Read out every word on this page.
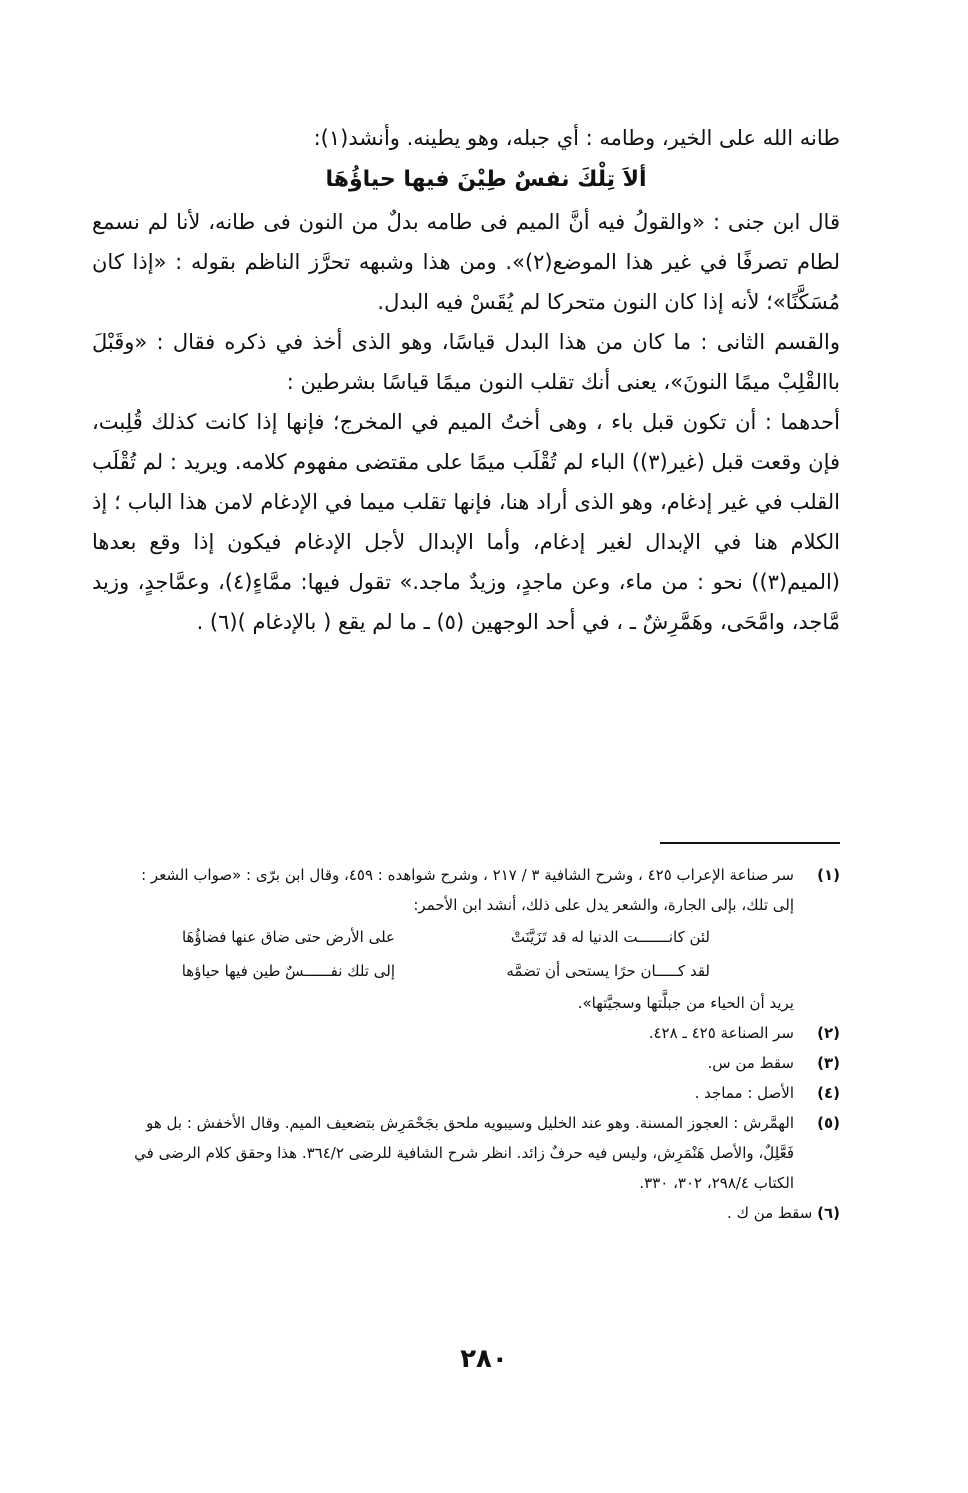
طانه الله على الخير، وطامه : أي جبله، وهو يطينه. وأنشد(١):

ألاَ تِلْكَ نفسٌ طِيْنَ فيها حياؤُهَا

قال ابن جنى : «والقولُ فيه أنَّ الميم فى طامه بدلٌ من النون فى طانه، لأنا لم نسمع لطام تصرفًا في غير هذا الموضع(٢)». ومن هذا وشبهه تحرَّز الناظم بقوله : «إذا كان مُسَكَّنًا»؛ لأنه إذا كان النون متحركا لم يُقَسْ فيه البدل.

والقسم الثانى : ما كان من هذا البدل قياسًا، وهو الذى أخذ في ذكره فقال : «وقَبْلَ باالقْلِبْ ميمًا النونَ»، يعنى أنك تقلب النون ميمًا قياسًا بشرطين :

أحدهما : أن تكون قبل باء ، وهى أختُ الميم في المخرج؛ فإنها إذا كانت كذلك قُلِبت، فإن وقعت قبل (غير(٣)) الباء لم تُقْلَب ميمًا على مقتضى مفهوم كلامه. ويريد : لم تُقْلَب القلب في غير إدغام، وهو الذى أراد هنا، فإنها تقلب ميما في الإدغام لامن هذا الباب ؛ إذ الكلام هنا في الإبدال لغير إدغام، وأما الإبدال لأجل الإدغام فيكون إذا وقع بعدها (الميم(٣)) نحو : من ماء، وعن ماجدٍ، وزيدٌ ماجد.» تقول فيها: ممَّاءٍ(٤)، وعمَّاجدٍ، وزيد مَّاجد، وامَّحَى، وهَمَّرِشٌ ـ ، في أحد الوجهين (٥) ـ ما لم يقع ( بالإدغام )(٦) .

(١)
سر صناعة الإعراب ٤٢٥ ، وشرح الشافية ٣ / ٢١٧ ، وشرح شواهده : ٤٥٩، وقال ابن برّى : «صواب الشعر : إلى تلك، بإلى الجارة، والشعر يدل على ذلك، أنشد ابن الأحمر:
لئن كانـــــــت الدنيا له قد تَزَيَّنَتْ
على الأرض حتى ضاق عنها فضاؤُهَا
لقد كـــــان حرًا يستحى أن تضمَّه
إلى تلك نفــــــسٌ طين فيها حياؤها
يريد أن الحياء من جبلَّتها وسجيَّتها».
(٢)
سر الصناعة ٤٢٥ ـ ٤٢٨.
(٣)
سقط من س.
(٤)
الأصل : مماجد .
(٥)
الهمَّرش : العجوز المسنة. وهو عند الخليل وسيبويه ملحق بجَحْمَرِش بتضعيف الميم. وقال الأخفش : بل هو فَعَّلِلٌ، والأصل هَنْمَرِش، وليس فيه حرفٌ زائد. انظر شرح الشافية للرضى ٣٦٤/٢. هذا وحقق كلام الرضى في الكتاب ٢٩٨/٤، ٣٠٢، ٣٣٠.
(٦) سقط من ك .
٢٨٠
